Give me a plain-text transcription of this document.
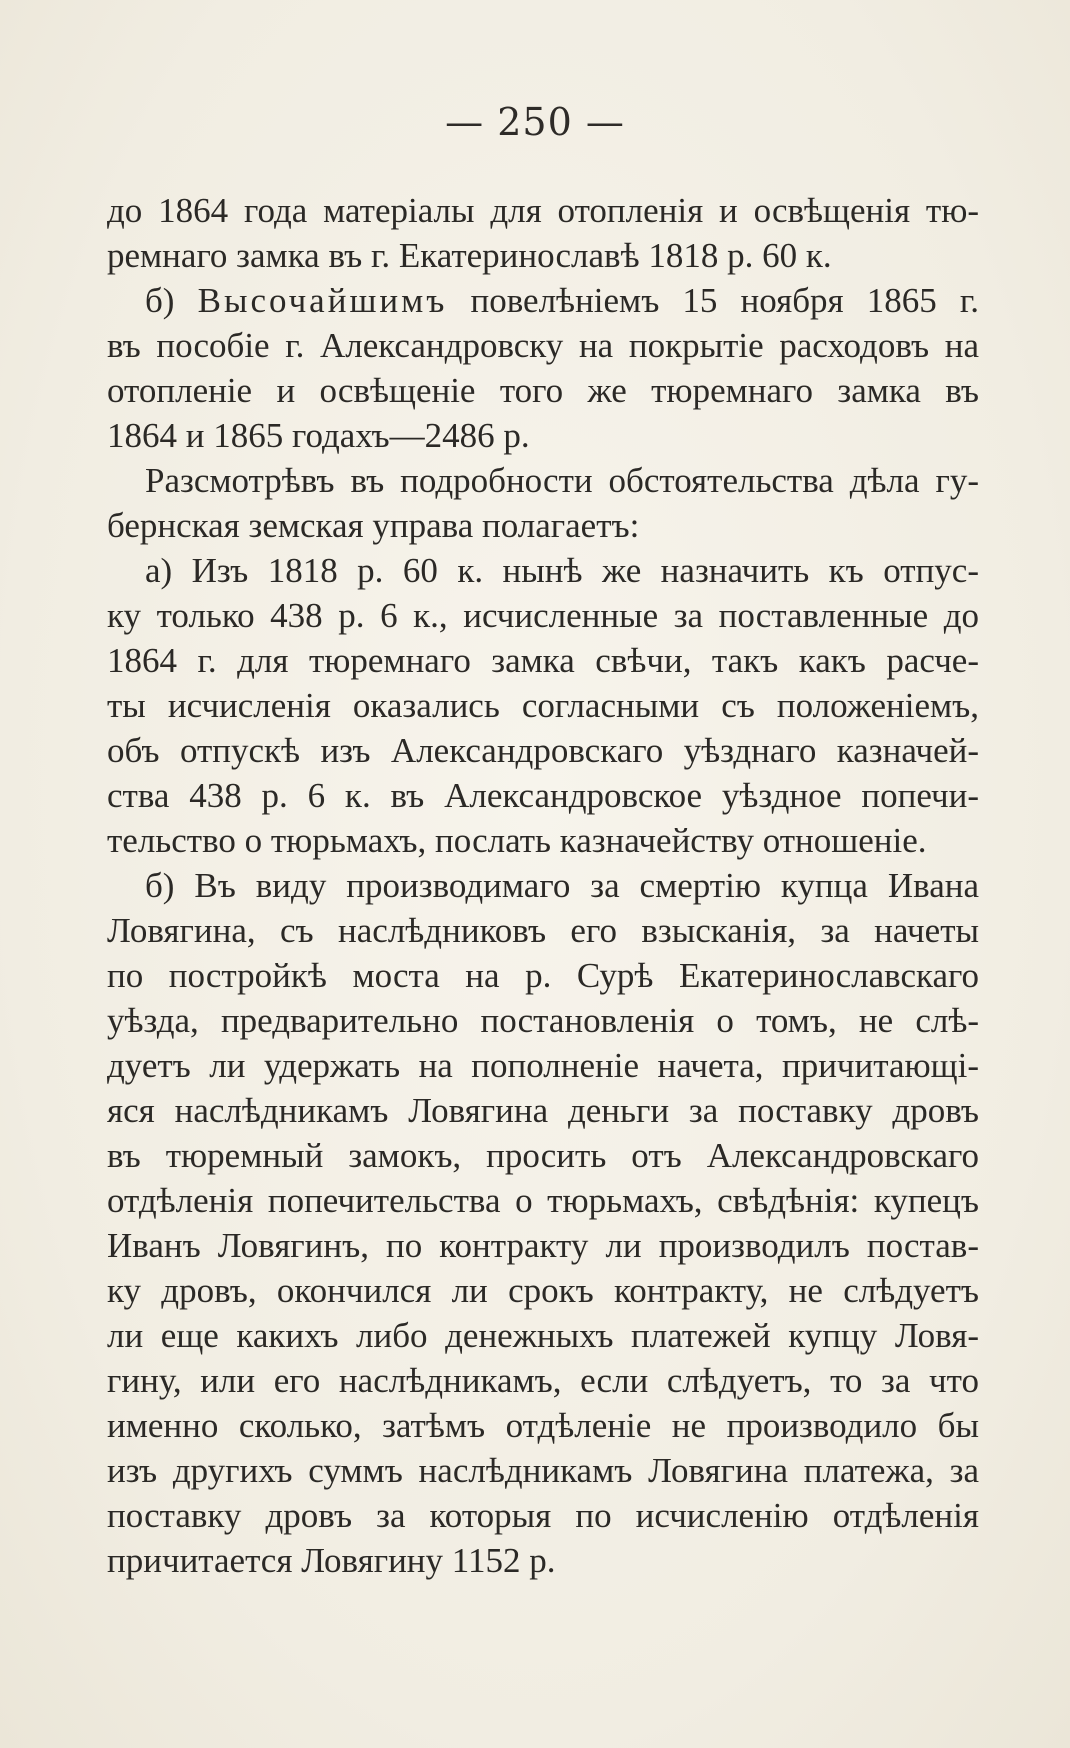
— 250 —
до 1864 года матеріалы для отопленія и освѣщенія тю-
ремнаго замка въ г. Екатеринославѣ 1818 р. 60 к.
б) Высочайшимъ повелѣніемъ 15 ноября 1865 г.
въ пособіе г. Александровску на покрытіе расходовъ на
отопленіе и освѣщеніе того же тюремнаго замка въ
1864 и 1865 годахъ—2486 р.
Разсмотрѣвъ въ подробности обстоятельства дѣла гу-
бернская земская управа полагаетъ:
а) Изъ 1818 р. 60 к. нынѣ же назначить къ отпус-
ку только 438 р. 6 к., исчисленные за поставленные до
1864 г. для тюремнаго замка свѣчи, такъ какъ расче-
ты исчисленія оказались согласными съ положеніемъ,
объ отпускѣ изъ Александровскаго уѣзднаго казначей-
ства 438 р. 6 к. въ Александровское уѣздное попечи-
тельство о тюрьмахъ, послать казначейству отношеніе.
б) Въ виду производимаго за смертію купца Ивана
Ловягина, съ наслѣдниковъ его взысканія, за начеты
по постройкѣ моста на р. Сурѣ Екатеринославскаго
уѣзда, предварительно постановленія о томъ, не слѣ-
дуетъ ли удержать на пополненіе начета, причитающі-
яся наслѣдникамъ Ловягина деньги за поставку дровъ
въ тюремный замокъ, просить отъ Александровскаго
отдѣленія попечительства о тюрьмахъ, свѣдѣнія: купецъ
Иванъ Ловягинъ, по контракту ли производилъ постав-
ку дровъ, окончился ли срокъ контракту, не слѣдуетъ
ли еще какихъ либо денежныхъ платежей купцу Ловя-
гину, или его наслѣдникамъ, если слѣдуетъ, то за что
именно сколько, затѣмъ отдѣленіе не производило бы
изъ другихъ суммъ наслѣдникамъ Ловягина платежа, за
поставку дровъ за которыя по исчисленію отдѣленія
причитается Ловягину 1152 р.
